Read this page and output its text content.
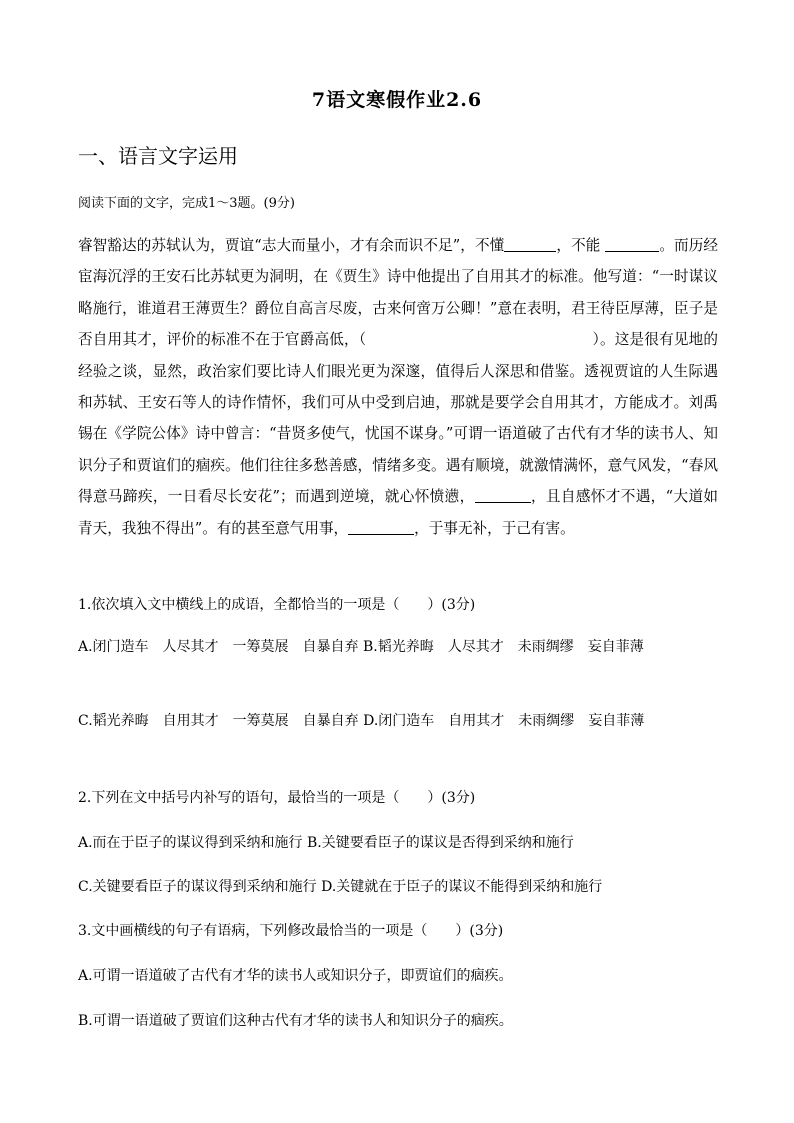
7语文寒假作业2.6
一、语言文字运用
阅读下面的文字，完成1～3题。(9分)

睿智豁达的苏轼认为，贾谊“志大而量小，才有余而识不足”，不懂	，不能	。而历经宦海沉浮的王安石比苏轼更为洞明，在《贾生》诗中他提出了自用其才的标准。他写道：“一时谋议略施行，谁道君王薄贾生？爵位自高言尽废，古来何啻万公卿！”意在表明，君王待臣厚薄，臣子是否自用其才，评价的标准不在于官爵高低，（	）。这是很有见地的经验之谈，显然，政治家们要比诗人们眼光更为深邃，值得后人深思和借鉴。透视贾谊的人生际遇和苏轼、王安石等人的诗作情怀，我们可从中受到启迪，那就是要学会自用其才，方能成才。刘禹锡在《学院公体》诗中曾言：“昔贤多使气，忧国不谋身。”可谓一语道破了古代有才华的读书人、知识分子和贾谊们的痼疾。他们往往多愁善感，情绪多变。遇有顺境，就激情满怀，意气风发，“春风得意马蹄疾，一日看尽长安花”；而遇到逆境，就心怀愤懑，	，且自感怀才不遇，“大道如青天，我独不得出”。有的甚至意气用事，	，于事无补，于己有害。

1.依次填入文中横线上的成语，全都恰当的一项是（ ）(3分)

A.闭门造车　人尽其才　一筹莫展　自暴自弃 B.韬光养晦　人尽其才　未雨绸缪　妄自菲薄

C.韬光养晦　自用其才　一筹莫展　自暴自弃 D.闭门造车　自用其才　未雨绸缪　妄自菲薄

2.下列在文中括号内补写的语句，最恰当的一项是（ ）(3分)

A.而在于臣子的谋议得到采纳和施行 B.关键要看臣子的谋议是否得到采纳和施行

C.关键要看臣子的谋议得到采纳和施行 D.关键就在于臣子的谋议不能得到采纳和施行

3.文中画横线的句子有语病，下列修改最恰当的一项是（ ）(3分)

A.可谓一语道破了古代有才华的读书人或知识分子，即贾谊们的痼疾。

B.可谓一语道破了贾谊们这种古代有才华的读书人和知识分子的痼疾。
